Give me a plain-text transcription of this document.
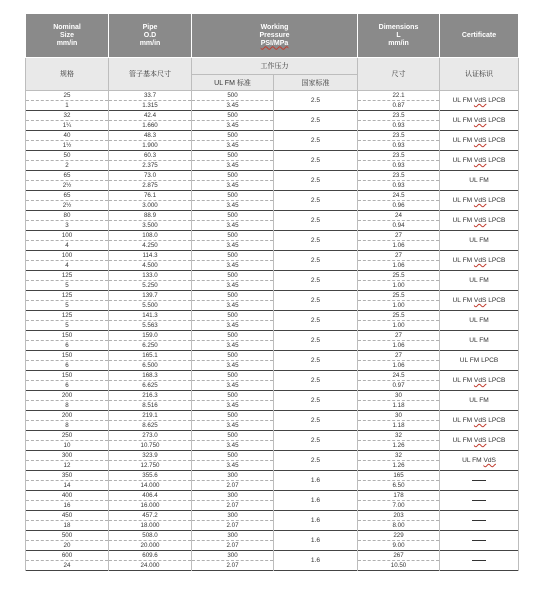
Nominal
Size
mm/in	Pipe
O.D
mm/in	Working
Pressure
PSI/MPa		Dimensions
L
mm/in	Certificate
规格	管子基本尺寸	工作压力		尺寸	认证标识
		UL FM 标准	国家标准		
25	33.7	500	2.5	22.1	UL FM VdS LPCB
1	1.315	3.45		0.87	
32	42.4	500	2.5	23.5	UL FM VdS LPCB
1¼	1.660	3.45		0.93	
40	48.3	500	2.5	23.5	UL FM VdS LPCB
1½	1.900	3.45		0.93	
50	60.3	500	2.5	23.5	UL FM VdS LPCB
2	2.375	3.45		0.93	
65	73.0	500	2.5	23.5	UL FM
2½	2.875	3.45		0.93	
65	76.1	500	2.5	24.5	UL FM VdS LPCB
2½	3.000	3.45		0.96	
80	88.9	500	2.5	24	UL FM VdS LPCB
3	3.500	3.45		0.94	
100	108.0	500	2.5	27	UL FM
4	4.250	3.45		1.06	
100	114.3	500	2.5	27	UL FM VdS LPCB
4	4.500	3.45		1.06	
125	133.0	500	2.5	25.5	UL FM
5	5.250	3.45		1.00	
125	139.7	500	2.5	25.5	UL FM VdS LPCB
5	5.500	3.45		1.00	
125	141.3	500	2.5	25.5	UL FM
5	5.563	3.45		1.00	
150	159.0	500	2.5	27	UL FM
6	6.250	3.45		1.06	
150	165.1	500	2.5	27	UL FM LPCB
6	6.500	3.45		1.06	
150	168.3	500	2.5	24.5	UL FM VdS LPCB
6	6.625	3.45		0.97	
200	216.3	500	2.5	30	UL FM
8	8.516	3.45		1.18	
200	219.1	500	2.5	30	UL FM VdS LPCB
8	8.625	3.45		1.18	
250	273.0	500	2.5	32	UL FM VdS LPCB
10	10.750	3.45		1.26	
300	323.9	500	2.5	32	UL FM VdS
12	12.750	3.45		1.26	
350	355.6	300	1.6	165	
14	14.000	2.07		6.50	
400	406.4	300	1.6	178	
16	16.000	2.07		7.00	
450	457.2	300	1.6	203	
18	18.000	2.07		8.00	
500	508.0	300	1.6	229	
20	20.000	2.07		9.00	
600	609.6	300	1.6	267	
24	24.000	2.07		10.50	
